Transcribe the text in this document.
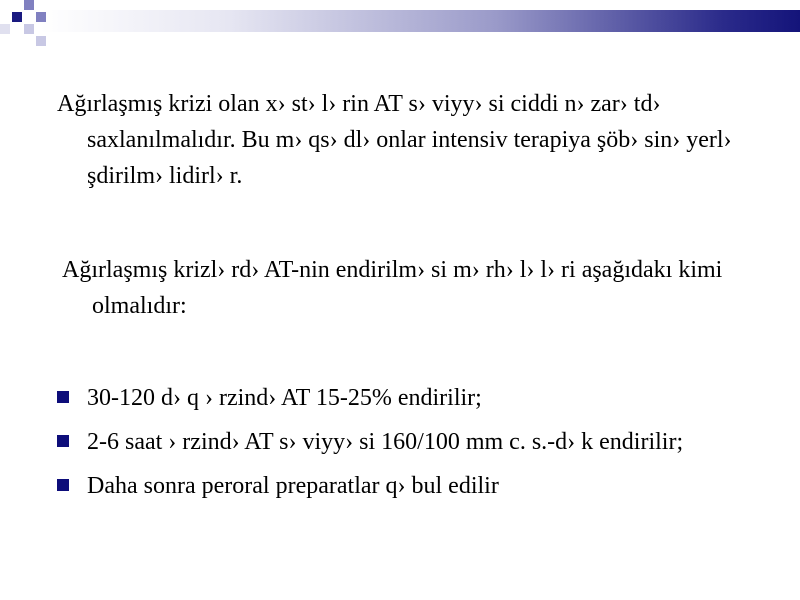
Ağırlaşmış krizi olan x› st› l› rin AT s› viyy› si ciddi n› zar› td› saxlanılmalıdır. Bu m› qs› dl› onlar intensiv terapiya şöb› sin› yerl› şdirilm› lidirl› r.

Ağırlaşmış krizl› rd› AT-nin endirilm› si m› rh› l› l› ri aşağıdakı kimi olmalıdır:

30-120 d› q › rzind› AT 15-25% endirilir;
2-6 saat › rzind› AT s› viyy› si 160/100 mm c. s.-d› k endirilir;
Daha sonra peroral preparatlar q› bul edilir
